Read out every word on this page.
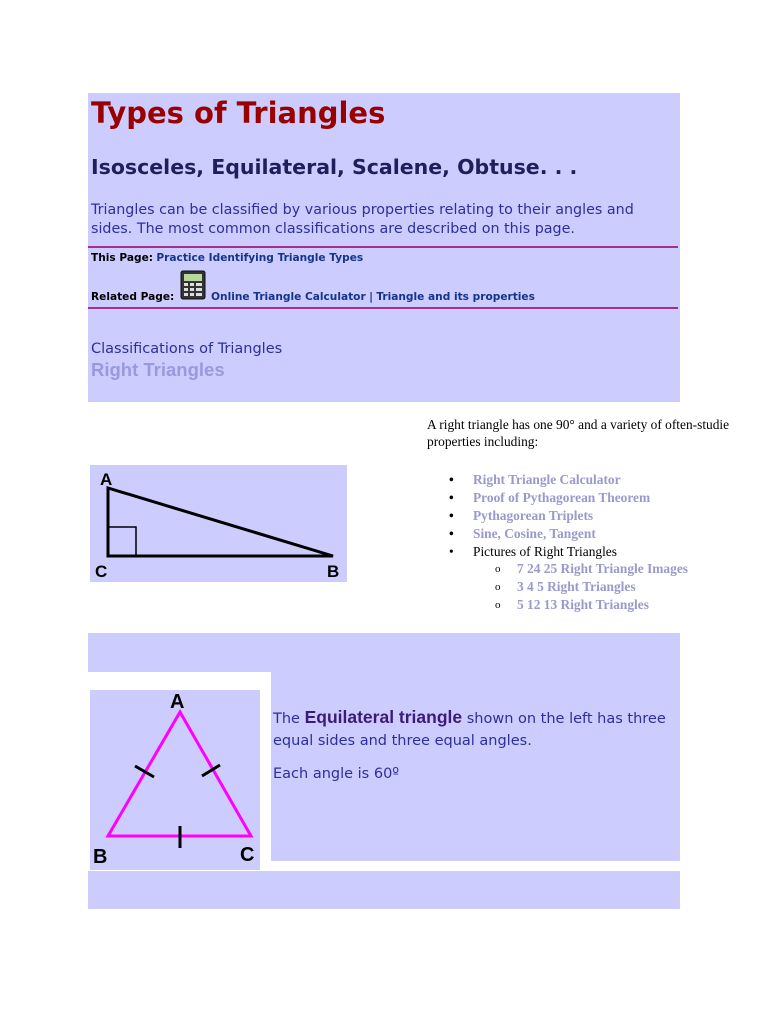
Types of Triangles
Isosceles, Equilateral, Scalene, Obtuse. . .

Triangles can be classified by various properties relating to their angles and sides. The most common classifications are described on this page.

This Page: Practice Identifying Triangle Types
Related Page:	Online Triangle Calculator | Triangle and its properties
Classifications of Triangles
Right Triangles
A
C	B
A right triangle has one 90° and a variety of often-studie properties including:
• Right Triangle Calculator
• Proof of Pythagorean Theorem
• Pythagorean Triplets
• Sine, Cosine, Tangent
• Pictures of Right Triangles
o 7 24 25 Right Triangle Images
o 3 4 5 Right Triangles
o 5 12 13 Right Triangles
A
B	C

The Equilateral triangle shown on the left has three equal sides and three equal angles.

Each angle is 60º
